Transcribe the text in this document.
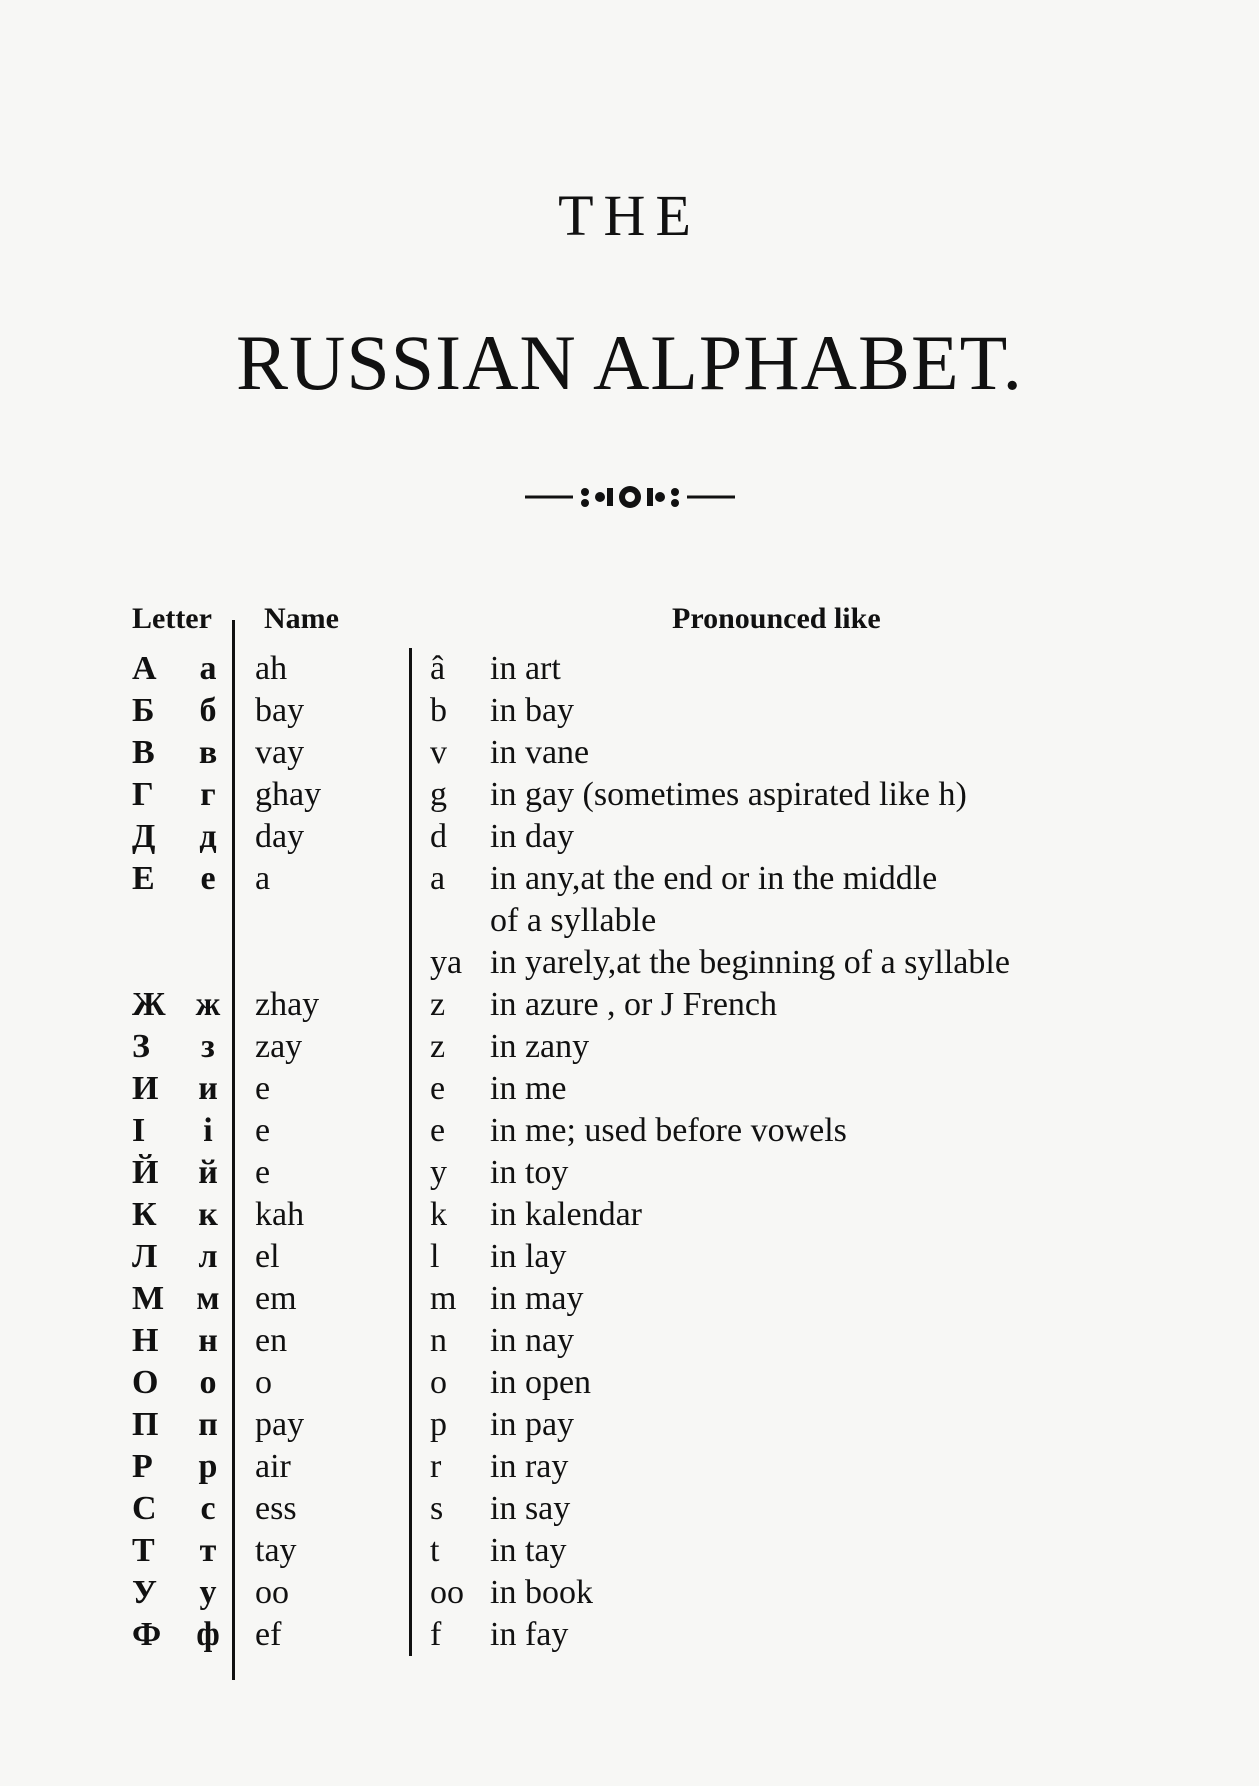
THE
RUSSIAN ALPHABET.
Letter Name	Pronounced like
А	а ah	â	in art
Б	б bay	b	in bay
В	в vay	v	in vane
Г	г	ghay	g	in gay (sometimes aspirated like h)
Д	д day	d	in day
Е	е	a	a	in any,at the end or in the middle
of a syllable
ya in yarely,at the beginning of a syllable
Ж ж zhay	z	in azure , or J French
З	з	zay	z	in zany
И	и e	e	in me
І	і	e	e	in me; used before vowels
Й	й e	y	in toy
К	к kah	k	in kalendar
Л	л el	l	in lay
М м em	m in may
Н	н en	n	in nay
О	о o	o	in open
П	п pay	p	in pay
Р	р air	r	in ray
С	с	ess	s	in say
Т	т tay	t	in tay
У	у oo	oo in book
Ф	ф ef	f	in fay
